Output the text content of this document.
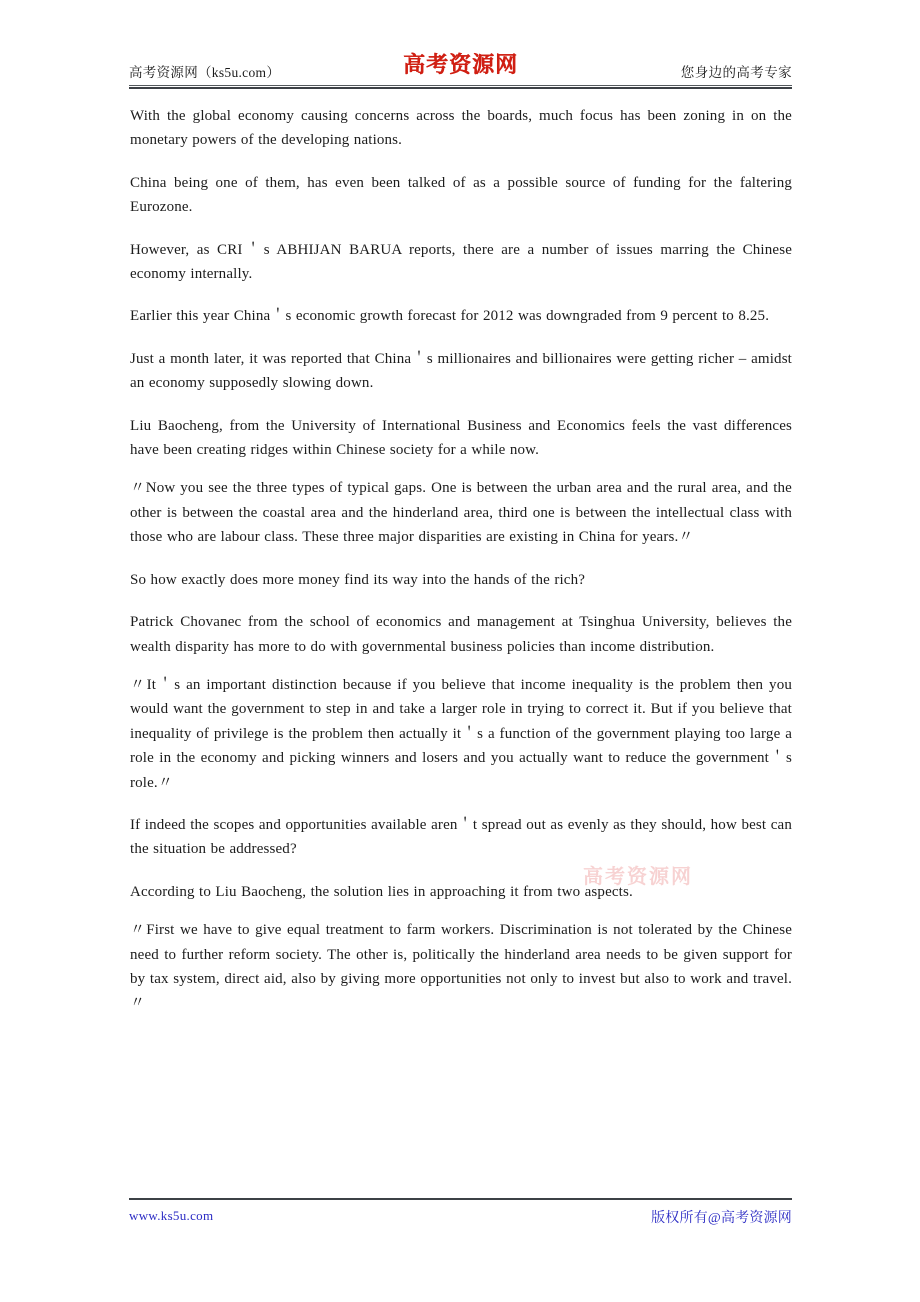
高考资源网（ks5u.com）	高考资源网	您身边的高考专家

With the global economy causing concerns across the boards, much focus has been zoning in on the monetary powers of the developing nations.

China being one of them, has even been talked of as a possible source of funding for the faltering Eurozone.

However, as CRI＇s ABHIJAN BARUA reports, there are a number of issues marring the Chinese economy internally.

Earlier this year China＇s economic growth forecast for 2012 was downgraded from 9 percent to 8.25.

Just a month later, it was reported that China＇s millionaires and billionaires were getting richer – amidst an economy supposedly slowing down.

Liu Baocheng, from the University of International Business and Economics feels the vast differences have been creating ridges within Chinese society for a while now.

〃Now you see the three types of typical gaps. One is between the urban area and the rural area, and the other is between the coastal area and the hinderland area, third one is between the intellectual class with those who are labour class. These three major disparities are existing in China for years.〃

So how exactly does more money find its way into the hands of the rich?

Patrick Chovanec from the school of economics and management at Tsinghua University, believes the wealth disparity has more to do with governmental business policies than income distribution.

〃It＇s an important distinction because if you believe that income inequality is the problem then you would want the government to step in and take a larger role in trying to correct it. But if you believe that inequality of privilege is the problem then actually it＇s a function of the government playing too large a role in the economy and picking winners and losers and you actually want to reduce the government＇s role.〃

If indeed the scopes and opportunities available aren＇t spread out as evenly as they should, how best can the situation be addressed?

According to Liu Baocheng, the solution lies in approaching it from two aspects.

〃First we have to give equal treatment to farm workers. Discrimination is not tolerated by the Chinese need to further reform society. The other is, politically the hinderland area needs to be given support for by tax system, direct aid, also by giving more opportunities not only to invest but also to work and travel.〃

高考资源网
www.ks5u.com	版权所有@高考资源网
